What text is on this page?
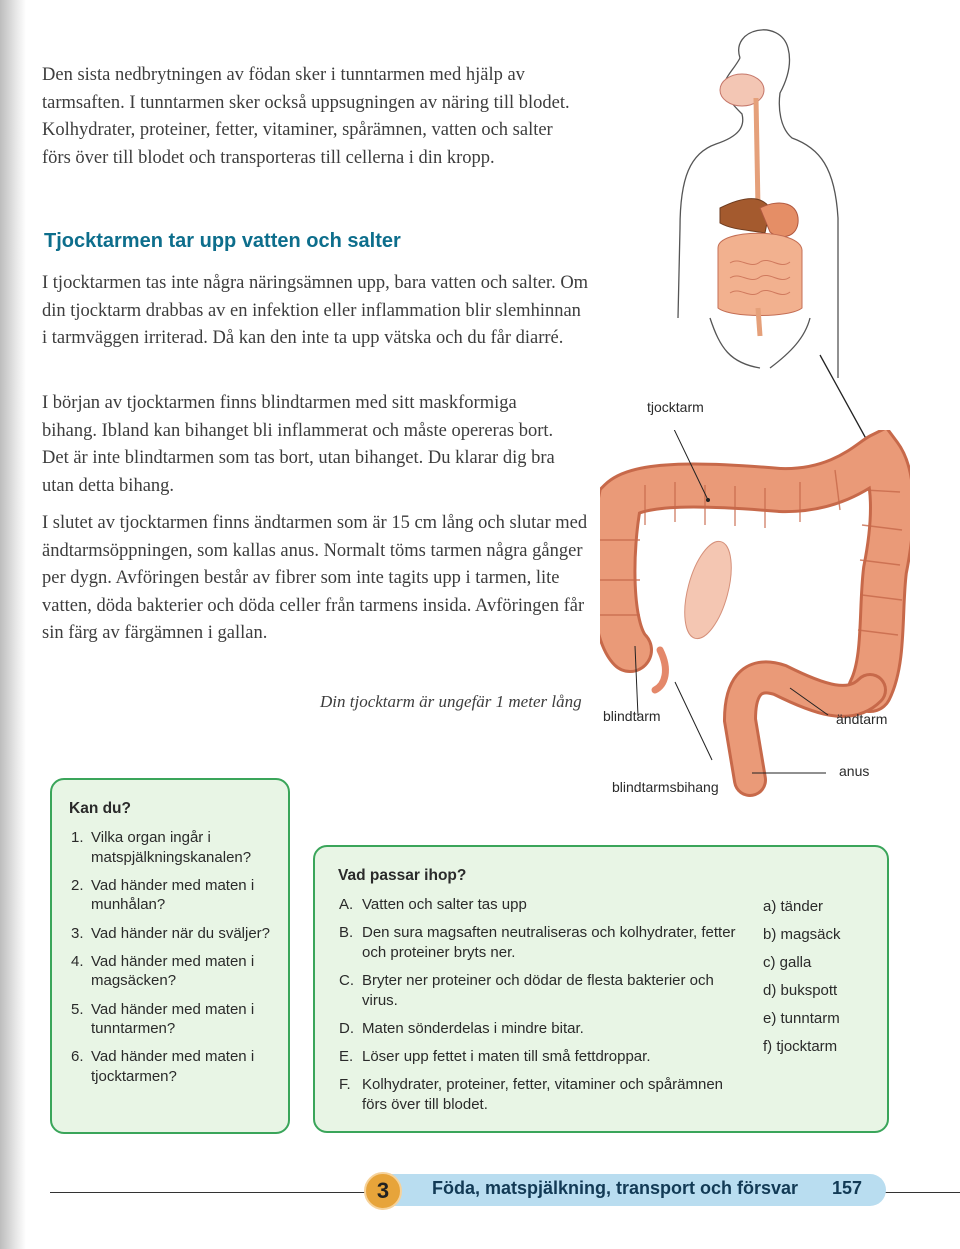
Den sista nedbrytningen av födan sker i tunntarmen med hjälp av tarmsaften. I tunntarmen sker också uppsugningen av näring till blodet. Kolhydrater, proteiner, fetter, vitaminer, spårämnen, vatten och salter förs över till blodet och transporteras till cellerna i din kropp.

Tjocktarmen tar upp vatten och salter

I tjocktarmen tas inte några näringsämnen upp, bara vatten och salter. Om din tjocktarm drabbas av en infektion eller inflammation blir slemhinnan i tarmväggen irriterad. Då kan den inte ta upp vätska och du får diarré.

I början av tjocktarmen finns blindtarmen med sitt maskformiga bihang. Ibland kan bihanget bli inflammerat och måste opereras bort. Det är inte blindtarmen som tas bort, utan bihanget. Du klarar dig bra utan detta bihang.

I slutet av tjocktarmen finns ändtarmen som är 15 cm lång och slutar med ändtarmsöppningen, som kallas anus. Normalt töms tarmen några gånger per dygn. Avföringen består av fibrer som inte tagits upp i tarmen, lite vatten, döda bakterier och döda celler från tarmens insida. Avföringen får sin färg av färgämnen i gallan.

Din tjocktarm är ungefär 1 meter lång
tjocktarm
blindtarm	ändtarm
blindtarmsbihang
anus
Kan du?
1. Vilka organ ingår i matspjälkningskanalen?
2. Vad händer med maten i munhålan?
3. Vad händer när du sväljer?
4. Vad händer med maten i magsäcken?
5. Vad händer med maten i tunntarmen?
6. Vad händer med maten i tjocktarmen?
Vad passar ihop?
A. Vatten och salter tas upp
B. Den sura magsaften neutraliseras och kolhydrater, fetter och proteiner bryts ner.
C. Bryter ner proteiner och dödar de flesta bakterier och virus.
D. Maten sönderdelas i mindre bitar.
E. Löser upp fettet i maten till små fettdroppar.
F. Kolhydrater, proteiner, fetter, vitaminer och spårämnen förs över till blodet.
a) tänder
b) magsäck
c) galla
d) bukspott
e) tunntarm
f) tjocktarm
3	Föda, matspjälkning, transport och försvar 157
